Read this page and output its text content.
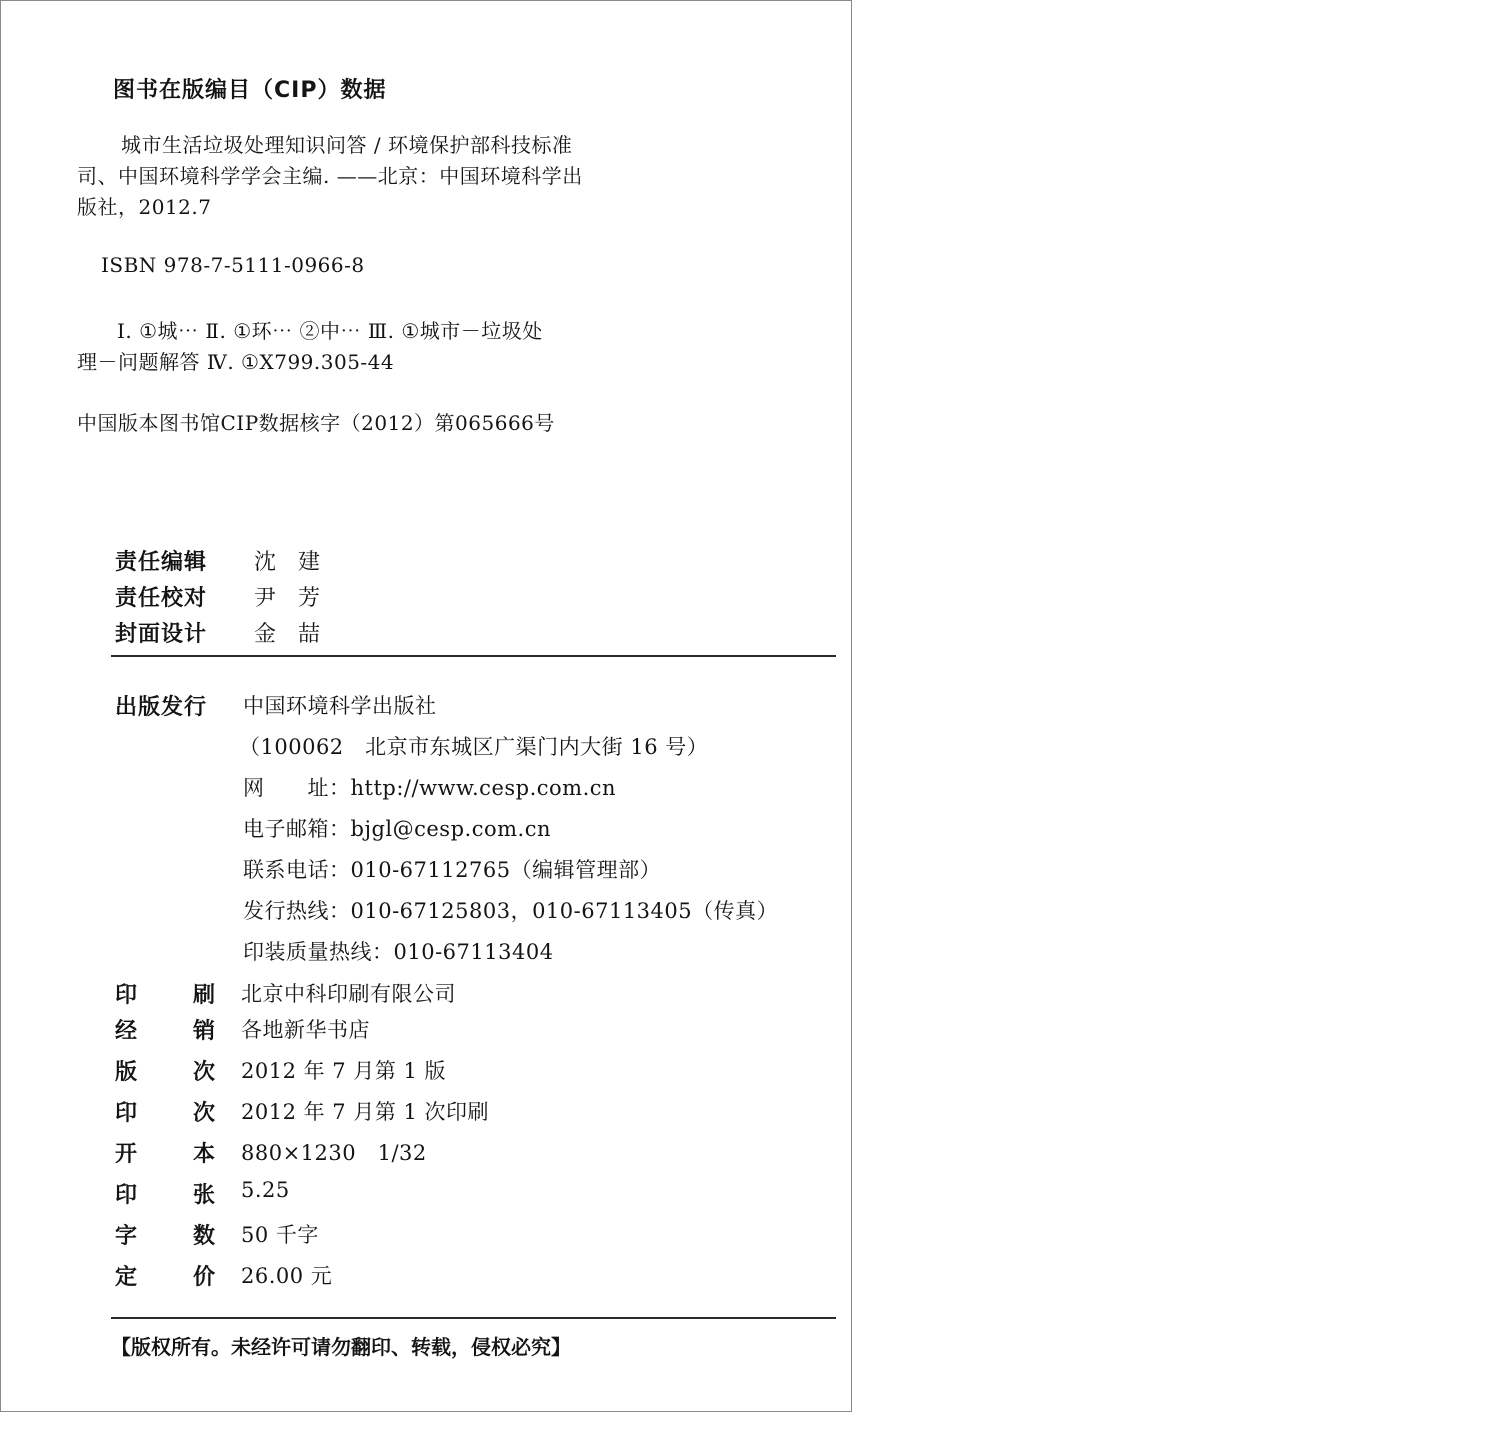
图书在版编目（CIP）数据
城市生活垃圾处理知识问答 / 环境保护部科技标准
司、中国环境科学学会主编. ——北京：中国环境科学出
版社，2012.7
ISBN 978-7-5111-0966-8
Ⅰ. ①城⋯ Ⅱ. ①环⋯ ②中⋯ Ⅲ. ①城市－垃圾处
理－问题解答 Ⅳ. ①X799.305-44
中国版本图书馆CIP数据核字（2012）第065666号
责任编辑 沈　建
责任校对 尹　芳
封面设计 金　喆
出版发行 中国环境科学出版社
（100062　北京市东城区广渠门内大街 16 号）
网　　址：http://www.cesp.com.cn
电子邮箱：bjgl@cesp.com.cn
联系电话：010-67112765（编辑管理部）
发行热线：010-67125803，010-67113405（传真）
印装质量热线：010-67113404
印	刷 北京中科印刷有限公司
经	销 各地新华书店
版	次 2012 年 7 月第 1 版
印	次 2012 年 7 月第 1 次印刷
开	本 880×1230　1/32
印	张 5.25
字	数 50 千字
定	价 26.00 元
【版权所有。未经许可请勿翻印、转载，侵权必究】
